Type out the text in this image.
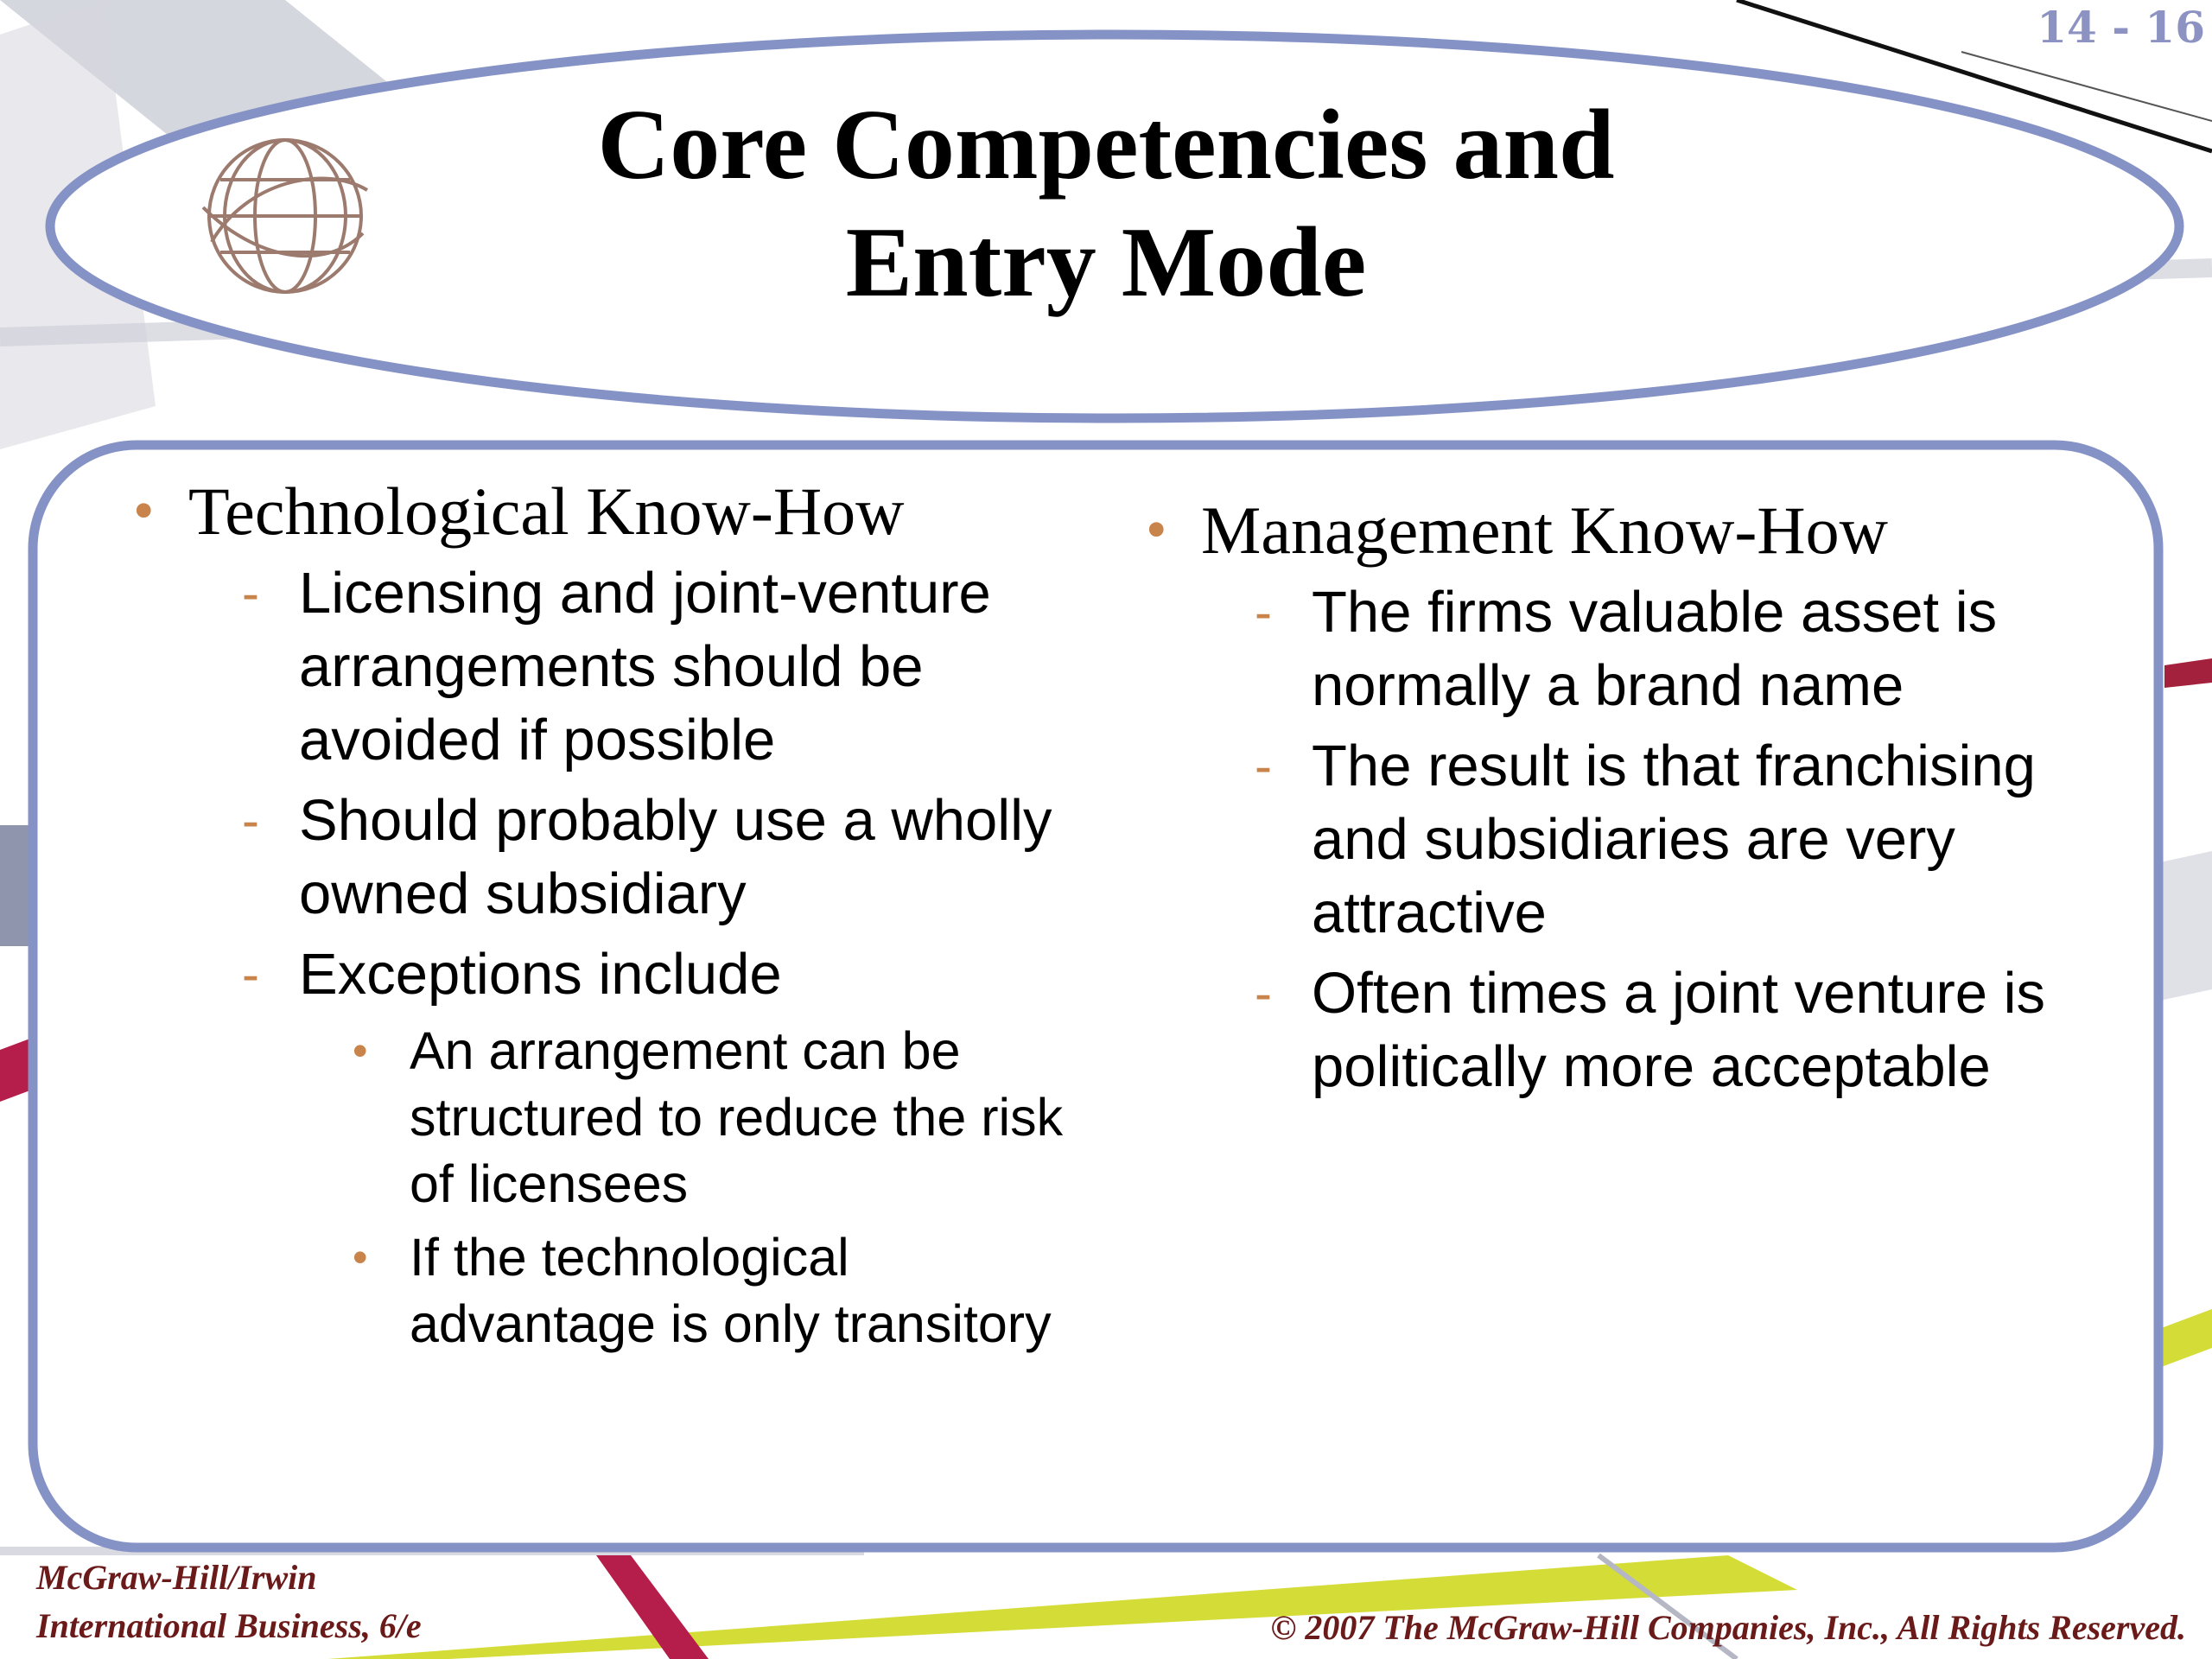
14 - 16
Core Competencies and
Entry Mode
• Technological Know-How
- Licensing and joint-venture arrangements should be avoided if possible
- Should probably use a wholly owned subsidiary
- Exceptions include
• An arrangement can be structured to reduce the risk of licensees
• If the technological advantage is only transitory
• Management Know-How
- The firms valuable asset is normally a brand name
- The result is that franchising and subsidiaries are very attractive
- Often times a joint venture is politically more acceptable
McGraw-Hill/Irwin
International Business, 6/e	© 2007 The McGraw-Hill Companies, Inc., All Rights Reserved.
